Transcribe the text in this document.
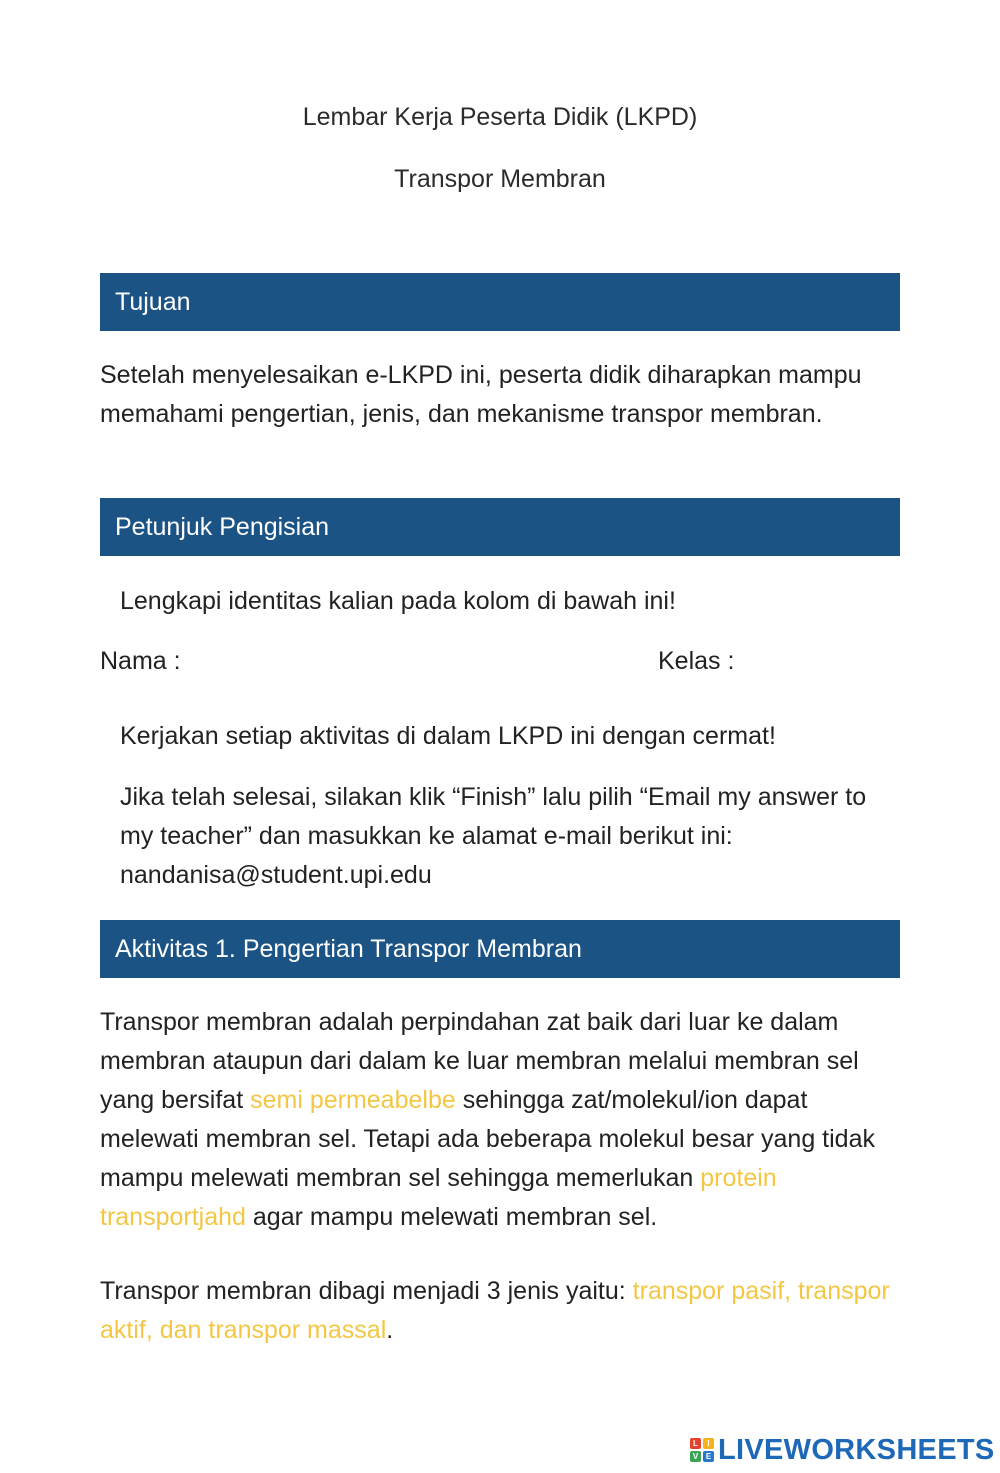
Lembar Kerja Peserta Didik (LKPD)
Transpor Membran
Tujuan
Setelah menyelesaikan e-LKPD ini, peserta didik diharapkan mampu memahami pengertian, jenis, dan mekanisme transpor membran.
Petunjuk Pengisian
Lengkapi identitas kalian pada kolom di bawah ini!
Nama :	Kelas :
Kerjakan setiap aktivitas di dalam LKPD ini dengan cermat!
Jika telah selesai, silakan klik “Finish” lalu pilih “Email my answer to my teacher” dan masukkan ke alamat e-mail berikut ini: nandanisa@student.upi.edu
Aktivitas 1. Pengertian Transpor Membran
Transpor membran adalah perpindahan zat baik dari luar ke dalam membran ataupun dari dalam ke luar membran melalui membran sel yang bersifat semi permeabelbe sehingga zat/molekul/ion dapat melewati membran sel. Tetapi ada beberapa molekul besar yang tidak mampu melewati membran sel sehingga memerlukan protein transportjahd agar mampu melewati membran sel.
Transpor membran dibagi menjadi 3 jenis yaitu: transpor pasif, transpor aktif, dan transpor massal.
L	I
V E LIVEWORKSHEETS
